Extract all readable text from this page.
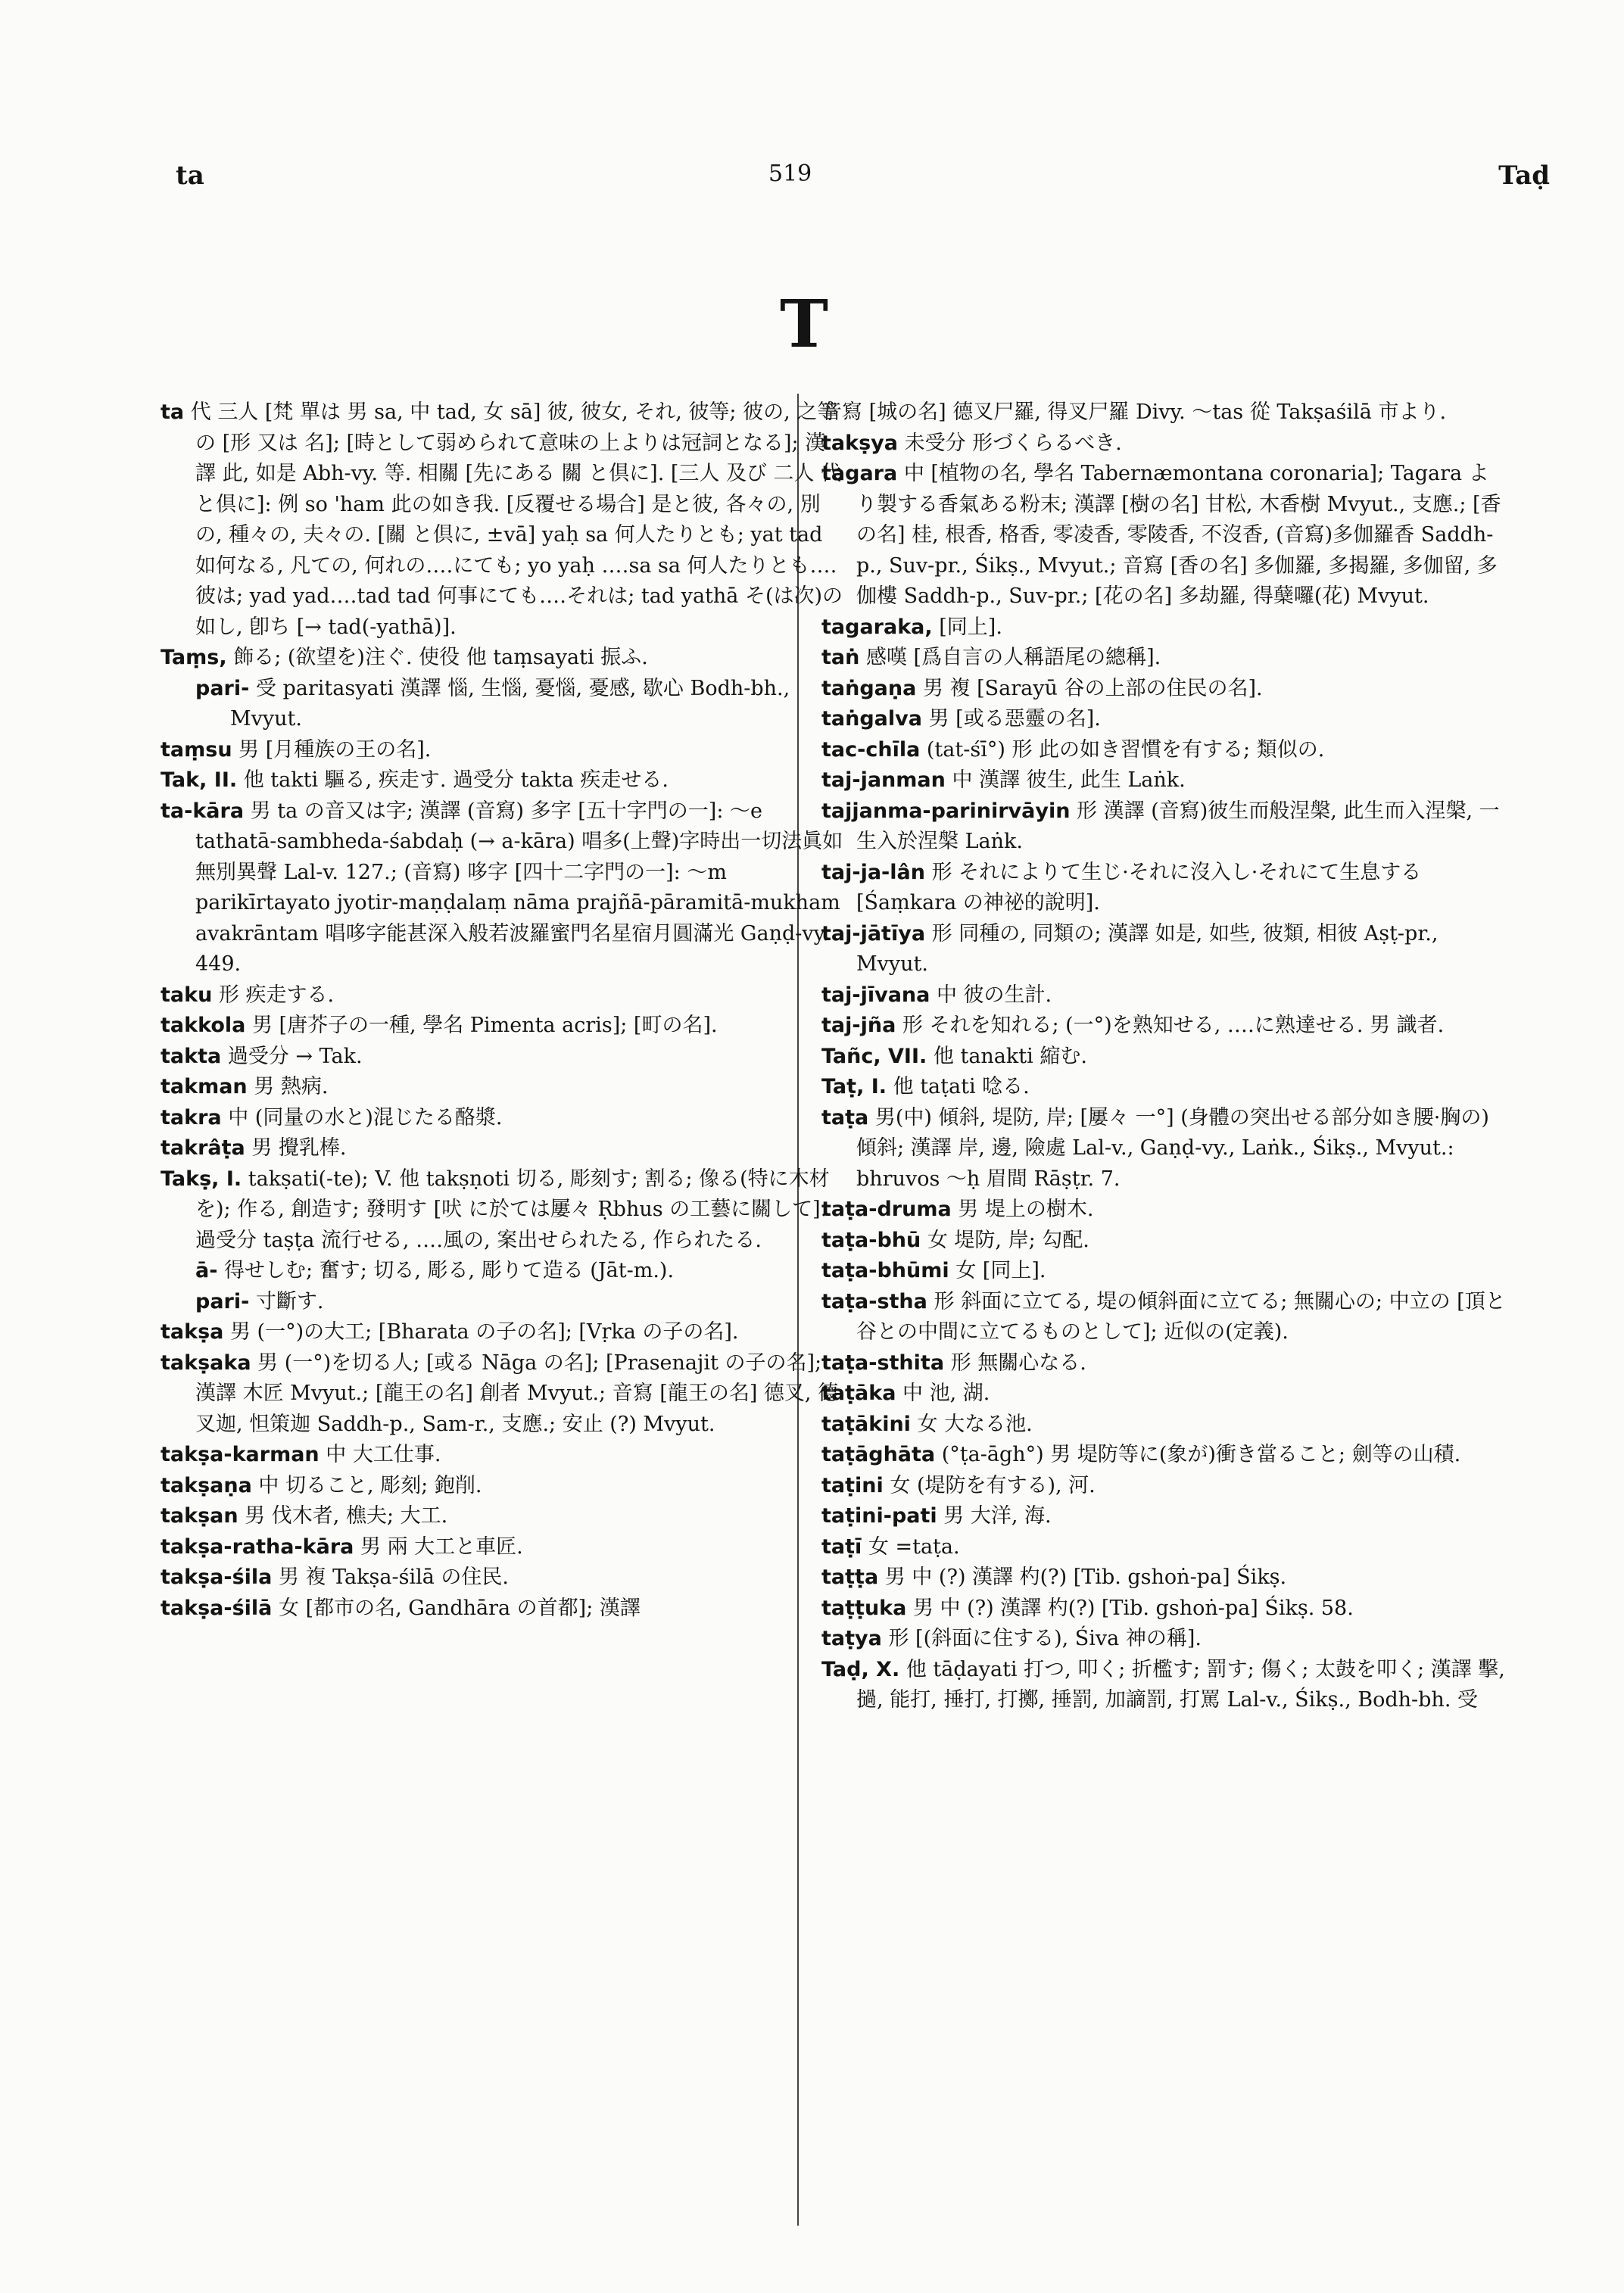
ta	519	Taḍ
T

ta 代 三人 [梵 單は 男 sa, 中 tad, 女 sā] 彼, 彼女, それ, 彼等; 彼の, 之等の [形 又は 名]; [時として弱められて意味の上よりは冠詞となる]; 漢譯 此, 如是 Abh-vy. 等. 相關 [先にある 關 と倶に]. [三人 及び 二人 代 と倶に]: 例 so 'ham 此の如き我. [反覆せる場合] 是と彼, 各々の, 別の, 種々の, 夫々の. [關 と倶に, ±vā] yaḥ sa 何人たりとも; yat tad 如何なる, 凡ての, 何れの‥‥にても; yo yaḥ ‥‥sa sa 何人たりとも‥‥彼は; yad yad‥‥tad tad 何事にても‥‥それは; tad yathā そ(は次)の如し, 卽ち [→ tad(-yathā)].

Taṃs, 飾る; (欲望を)注ぐ. 使役 他 taṃsayati 振ふ.

pari- 受 paritasyati 漢譯 惱, 生惱, 憂惱, 憂感, 歇心 Bodh-bh., Mvyut.

taṃsu 男 [月種族の王の名].

Tak, II. 他 takti 驅る, 疾走す. 過受分 takta 疾走せる.

ta-kāra 男 ta の音又は字; 漢譯 (音寫) 多字 [五十字門の一]: ～e tathatā-sambheda-śabdaḥ (→ a-kāra) 唱多(上聲)字時出一切法眞如無別異聲 Lal-v. 127.; (音寫) 哆字 [四十二字門の一]: ～m parikīrtayato jyotir-maṇḍalaṃ nāma prajñā-pāramitā-mukham avakrāntam 唱哆字能甚深入般若波羅蜜門名星宿月圓滿光 Gaṇḍ-vy. 449.

taku 形 疾走する.

takkola 男 [唐芥子の一種, 學名 Pimenta acris]; [町の名].

takta 過受分 → Tak.

takman 男 熱病.

takra 中 (同量の水と)混じたる酪漿.

takrâṭa 男 攪乳棒.

Takṣ, I. takṣati(-te); V. 他 takṣṇoti 切る, 彫刻す; 割る; 像る(特に木材を); 作る, 創造す; 發明す [吠 に於ては屢々 Ṛbhus の工藝に關して]. 過受分 taṣṭa 流行せる, ‥‥風の, 案出せられたる, 作られたる.

ā- 得せしむ; 奮す; 切る, 彫る, 彫りて造る (Jāt-m.).

pari- 寸斷す.

takṣa 男 (一°)の大工; [Bharata の子の名]; [Vṛka の子の名].

takṣaka 男 (一°)を切る人; [或る Nāga の名]; [Prasenajit の子の名]; 漢譯 木匠 Mvyut.; [龍王の名] 創者 Mvyut.; 音寫 [龍王の名] 德叉, 德叉迦, 怛策迦 Saddh-p., Sam-r., 支應.; 安止 (?) Mvyut.

takṣa-karman 中 大工仕事.

takṣaṇa 中 切ること, 彫刻; 鉋削.

takṣan 男 伐木者, 樵夫; 大工.

takṣa-ratha-kāra 男 兩 大工と車匠.

takṣa-śila 男 複 Takṣa-śilā の住民.

takṣa-śilā 女 [都市の名, Gandhāra の首都]; 漢譯

音寫 [城の名] 德叉尸羅, 得叉尸羅 Divy. ～tas 從 Takṣaśilā 市より.

takṣya 未受分 形づくらるべき.

tagara 中 [植物の名, 學名 Tabernæmontana coronaria]; Tagara より製する香氣ある粉末; 漢譯 [樹の名] 甘松, 木香樹 Mvyut., 支應.; [香の名] 桂, 根香, 格香, 零凌香, 零陵香, 不沒香, (音寫)多伽羅香 Saddh-p., Suv-pr., Śikṣ., Mvyut.; 音寫 [香の名] 多伽羅, 多揭羅, 多伽留, 多伽樓 Saddh-p., Suv-pr.; [花の名] 多劫羅, 得蘖囉(花) Mvyut.

tagaraka, [同上].

taṅ 感嘆 [爲自言の人稱語尾の總稱].

taṅgaṇa 男 複 [Sarayū 谷の上部の住民の名].

taṅgalva 男 [或る惡靈の名].

tac-chīla (tat-śī°) 形 此の如き習慣を有する; 類似の.

taj-janman 中 漢譯 彼生, 此生 Laṅk.

tajjanma-parinirvāyin 形 漢譯 (音寫)彼生而般涅槃, 此生而入涅槃, 一生入於涅槃 Laṅk.

taj-ja-lân 形 それによりて生じ·それに沒入し·それにて生息する [Śaṃkara の神祕的說明].

taj-jātīya 形 同種の, 同類の; 漢譯 如是, 如些, 彼類, 相彼 Aṣṭ-pr., Mvyut.

taj-jīvana 中 彼の生計.

taj-jña 形 それを知れる; (一°)を熟知せる, ‥‥に熟達せる. 男 識者.

Tañc, VII. 他 tanakti 縮む.

Taṭ, I. 他 taṭati 唸る.

taṭa 男(中) 傾斜, 堤防, 岸; [屢々 一°] (身體の突出せる部分如き腰·胸の)傾斜; 漢譯 岸, 邊, 險處 Lal-v., Gaṇḍ-vy., Laṅk., Śikṣ., Mvyut.: bhruvos ～ḥ 眉間 Rāṣṭr. 7.

taṭa-druma 男 堤上の樹木.

taṭa-bhū 女 堤防, 岸; 勾配.

taṭa-bhūmi 女 [同上].

taṭa-stha 形 斜面に立てる, 堤の傾斜面に立てる; 無關心の; 中立の [頂と谷との中間に立てるものとして]; 近似の(定義).

taṭa-sthita 形 無關心なる.

taṭāka 中 池, 湖.

taṭākini 女 大なる池.

taṭāghāta (°ṭa-āgh°) 男 堤防等に(象が)衝き當ること; 劍等の山積.

taṭini 女 (堤防を有する), 河.

taṭini-pati 男 大洋, 海.

taṭī 女 =taṭa.

taṭṭa 男 中 (?) 漢譯 杓(?) [Tib. gshoṅ-pa] Śikṣ.

taṭṭuka 男 中 (?) 漢譯 杓(?) [Tib. gshoṅ-pa] Śikṣ. 58.

taṭya 形 [(斜面に住する), Śiva 神の稱].

Taḍ, X. 他 tāḍayati 打つ, 叩く; 折檻す; 罰す; 傷く; 太鼓を叩く; 漢譯 擊, 撾, 能打, 捶打, 打擲, 捶罰, 加謫罰, 打罵 Lal-v., Śikṣ., Bodh-bh. 受
